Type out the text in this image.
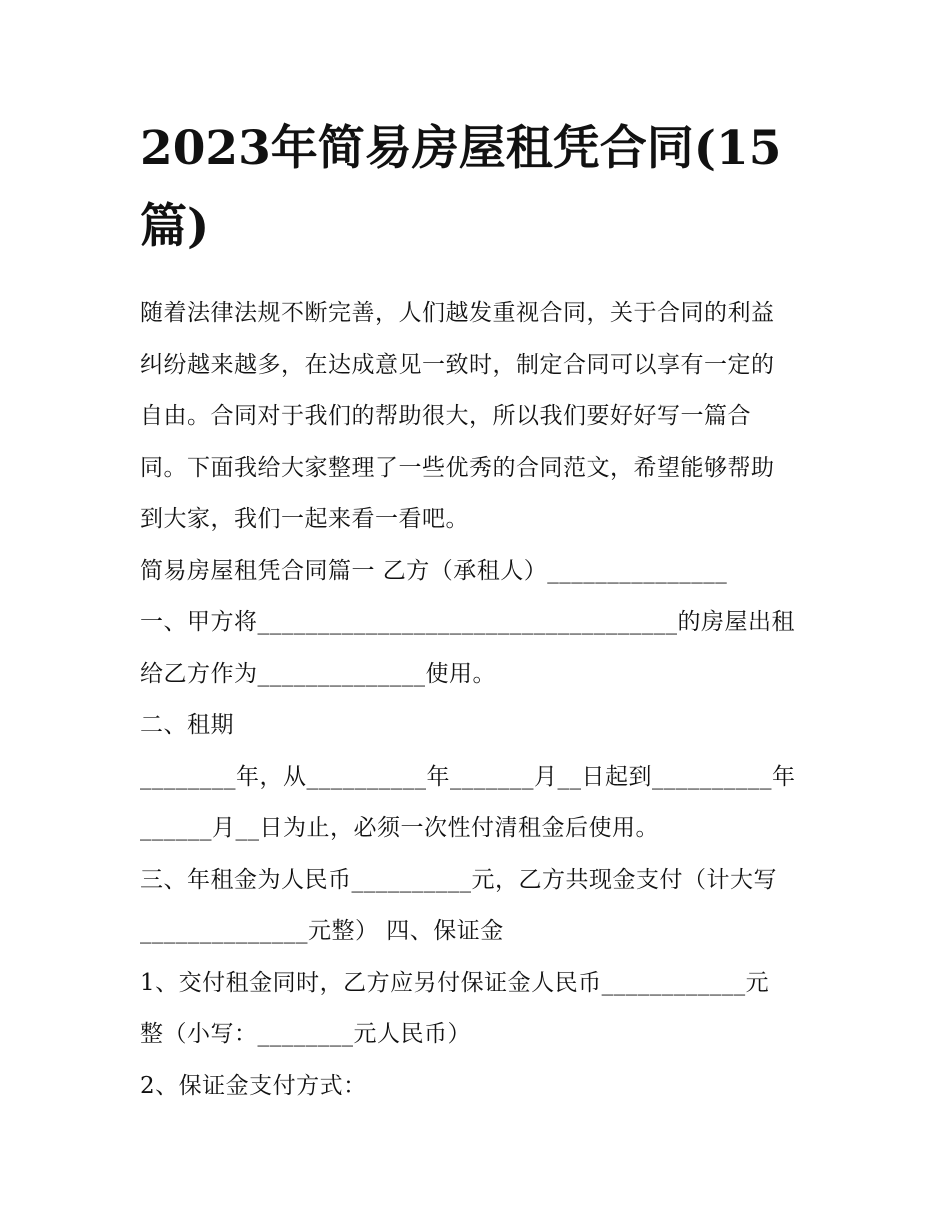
2023年简易房屋租凭合同(15
篇)

随着法律法规不断完善，人们越发重视合同，关于合同的利益

纠纷越来越多，在达成意见一致时，制定合同可以享有一定的

自由。合同对于我们的帮助很大，所以我们要好好写一篇合

同。下面我给大家整理了一些优秀的合同范文，希望能够帮助

到大家，我们一起来看一看吧。

简易房屋租凭合同篇一 乙方（承租人）_______________

一、甲方将___________________________________的房屋出租

给乙方作为______________使用。

二、租期

________年，从__________年_______月__日起到__________年

______月__日为止，必须一次性付清租金后使用。

三、年租金为人民币__________元，乙方共现金支付（计大写

______________元整） 四、保证金

1、交付租金同时，乙方应另付保证金人民币____________元

整（小写：________元人民币）

2、保证金支付方式：
